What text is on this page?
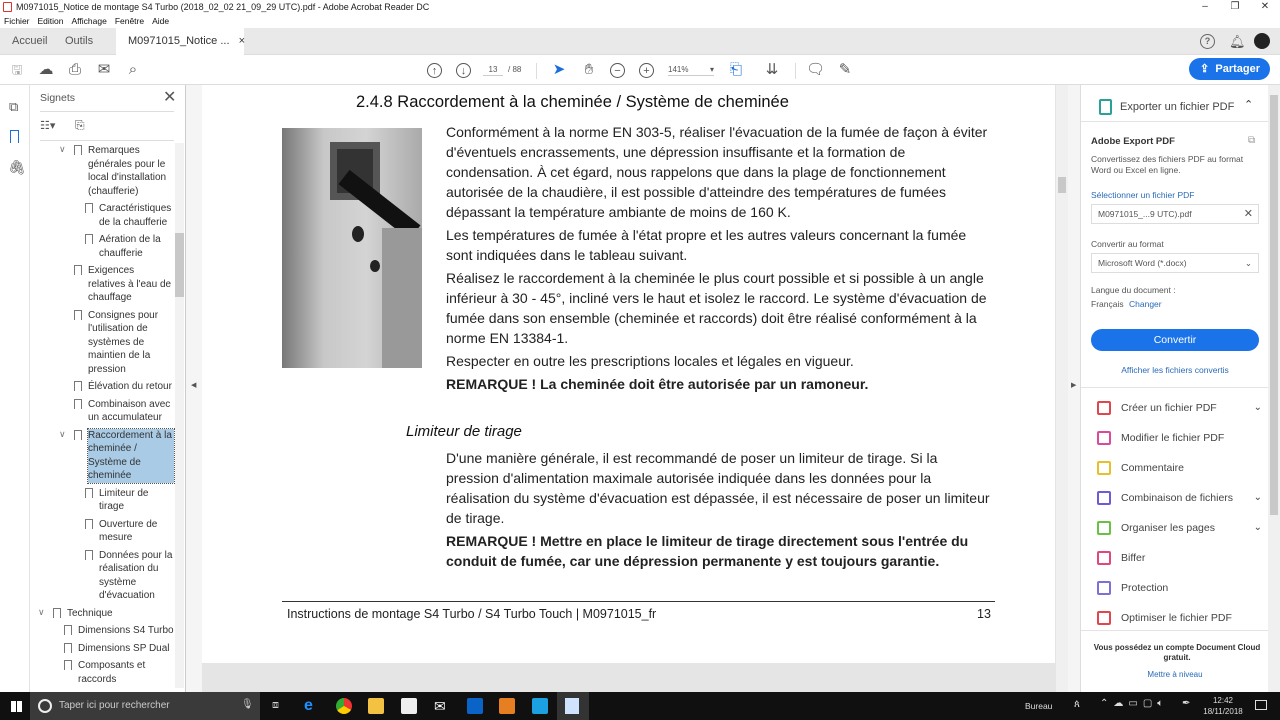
M0971015_Notice de montage S4 Turbo (2018_02_02 21_09_29 UTC).pdf - Adobe Acrobat Reader DC	–	❐	✕
Fichier Edition Affichage Fenêtre Aide
Accueil	Outils	M0971015_Notice ... ×	?	🔔︎
🖫 ☁ ⎙ ✉	⌕	↑	↓	13	/ 88 ➤	✋︎	−	+	141%	▾ ⎗ ⇊ 🗨︎ ✎	⇪ Partager
⧉
🖇︎
Signets	✕
☷▾ ⎘
∨ Remarques générales pour le local d'installation (chaufferie)
Caractéristiques de la chaufferie
Aération de la chaufferie
Exigences relatives à l'eau de chauffage
Consignes pour l'utilisation de systèmes de maintien de la pression
Élévation du retour
Combinaison avec un accumulateur
∨ Raccordement à la cheminée / Système de cheminée
Limiteur de tirage
Ouverture de mesure
Données pour la réalisation du système d'évacuation
∨ Technique
Dimensions S4 Turbo
Dimensions SP Dual
Composants et raccords
◀
2.4.8 Raccordement à la cheminée / Système de cheminée
Conformément à la norme EN 303-5, réaliser l'évacuation de la fumée de façon à éviter d'éventuels encrassements, une dépression insuffisante et la formation de condensation. À cet égard, nous rappelons que dans la plage de fonctionnement autorisée de la chaudière, il est possible d'atteindre des températures de fumées dépassant la température ambiante de moins de 160 K.
Les températures de fumée à l'état propre et les autres valeurs concernant la fumée sont indiquées dans le tableau suivant.
Réalisez le raccordement à la cheminée le plus court possible et si possible à un angle inférieur à 30 - 45°, incliné vers le haut et isolez le raccord. Le système d'évacuation de fumée dans son ensemble (cheminée et raccords) doit être réalisé conformément à la norme EN 13384-1.
Respecter en outre les prescriptions locales et légales en vigueur.
REMARQUE ! La cheminée doit être autorisée par un ramoneur.
Limiteur de tirage
D'une manière générale, il est recommandé de poser un limiteur de tirage. Si la pression d'alimentation maximale autorisée indiquée dans les données pour la réalisation du système d'évacuation est dépassée, il est nécessaire de poser un limiteur de tirage.
REMARQUE ! Mettre en place le limiteur de tirage directement sous l'entrée du conduit de fumée, car une dépression permanente y est toujours garantie.
Instructions de montage S4 Turbo / S4 Turbo Touch | M0971015_fr	13
▶
Exporter un fichier PDF ⌃
Adobe Export PDF	⧉
Convertissez des fichiers PDF au format Word ou Excel en ligne.
Sélectionner un fichier PDF
M0971015_...9 UTC).pdf	✕
Convertir au format
Microsoft Word (*.docx)	⌄
Langue du document :
Français Changer
Convertir
Afficher les fichiers convertis
Créer un fichier PDF	⌄
Modifier le fichier PDF
Commentaire
Combinaison de fichiers ⌄
Organiser les pages	⌄
Biffer
Protection
Optimiser le fichier PDF
Vous possédez un compte Document Cloud gratuit.
Mettre à niveau
Taper ici pour rechercher	🎙︎ ⧈ e	✉	Bureau ጰ ⌃☁▭▢🔈︎ ✒	12:42
18/11/2018
